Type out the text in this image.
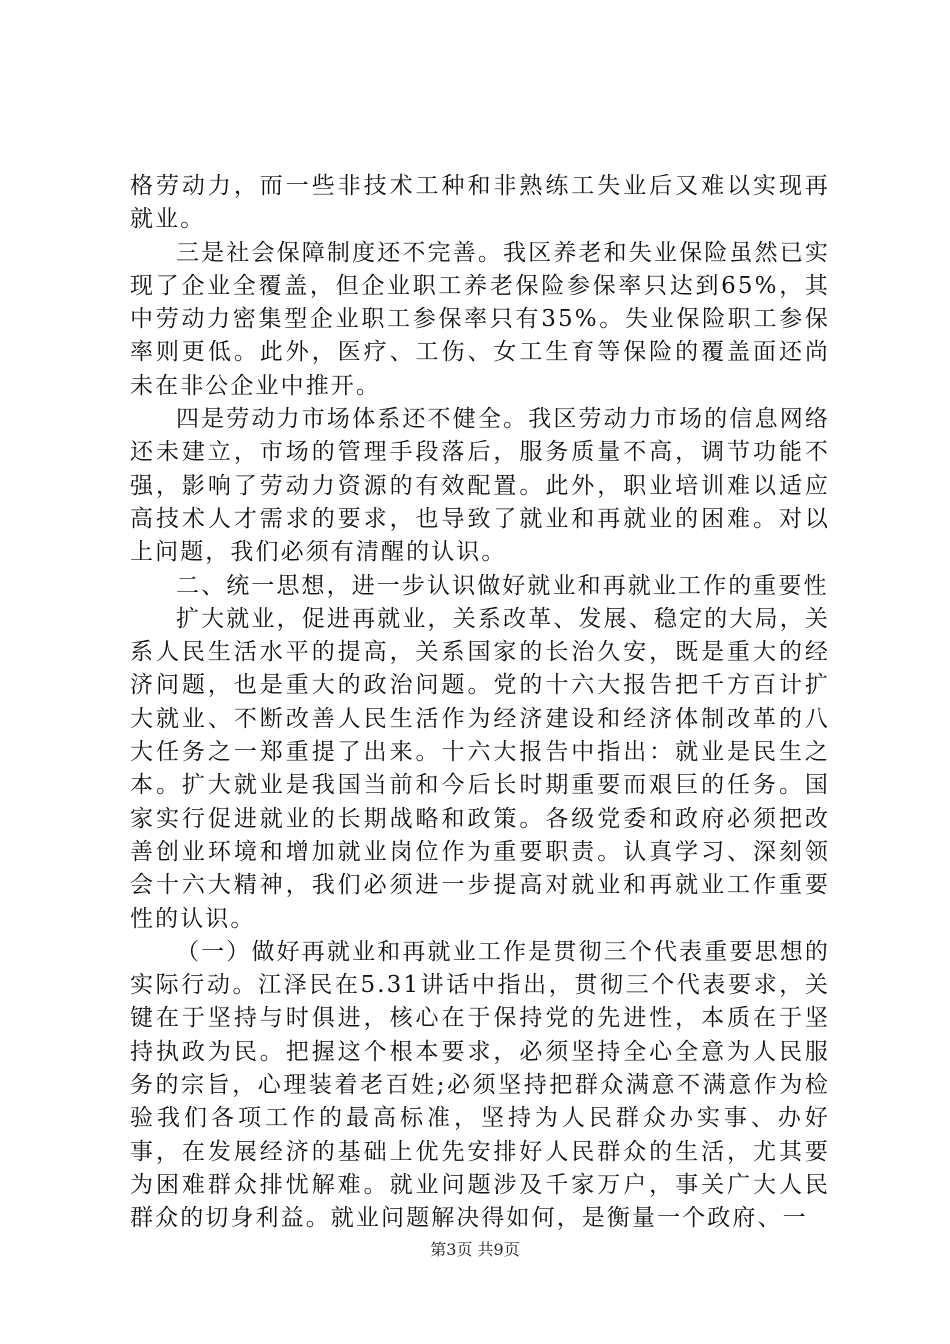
格劳动力，而一些非技术工种和非熟练工失业后又难以实现再就业。

三是社会保障制度还不完善。我区养老和失业保险虽然已实现了企业全覆盖，但企业职工养老保险参保率只达到65%，其中劳动力密集型企业职工参保率只有35%。失业保险职工参保率则更低。此外，医疗、工伤、女工生育等保险的覆盖面还尚未在非公企业中推开。

四是劳动力市场体系还不健全。我区劳动力市场的信息网络还未建立，市场的管理手段落后，服务质量不高，调节功能不强，影响了劳动力资源的有效配置。此外，职业培训难以适应高技术人才需求的要求，也导致了就业和再就业的困难。对以上问题，我们必须有清醒的认识。

二、统一思想，进一步认识做好就业和再就业工作的重要性

扩大就业，促进再就业，关系改革、发展、稳定的大局，关系人民生活水平的提高，关系国家的长治久安，既是重大的经济问题，也是重大的政治问题。党的十六大报告把千方百计扩大就业、不断改善人民生活作为经济建设和经济体制改革的八大任务之一郑重提了出来。十六大报告中指出：就业是民生之本。扩大就业是我国当前和今后长时期重要而艰巨的任务。国家实行促进就业的长期战略和政策。各级党委和政府必须把改善创业环境和增加就业岗位作为重要职责。认真学习、深刻领会十六大精神，我们必须进一步提高对就业和再就业工作重要性的认识。

（一）做好再就业和再就业工作是贯彻三个代表重要思想的实际行动。江泽民在5.31讲话中指出，贯彻三个代表要求，关键在于坚持与时俱进，核心在于保持党的先进性，本质在于坚持执政为民。把握这个根本要求，必须坚持全心全意为人民服务的宗旨，心理装着老百姓;必须坚持把群众满意不满意作为检验我们各项工作的最高标准，坚持为人民群众办实事、办好事，在发展经济的基础上优先安排好人民群众的生活，尤其要为困难群众排忧解难。就业问题涉及千家万户，事关广大人民群众的切身利益。就业问题解决得如何，是衡量一个政府、一

第3页 共9页
